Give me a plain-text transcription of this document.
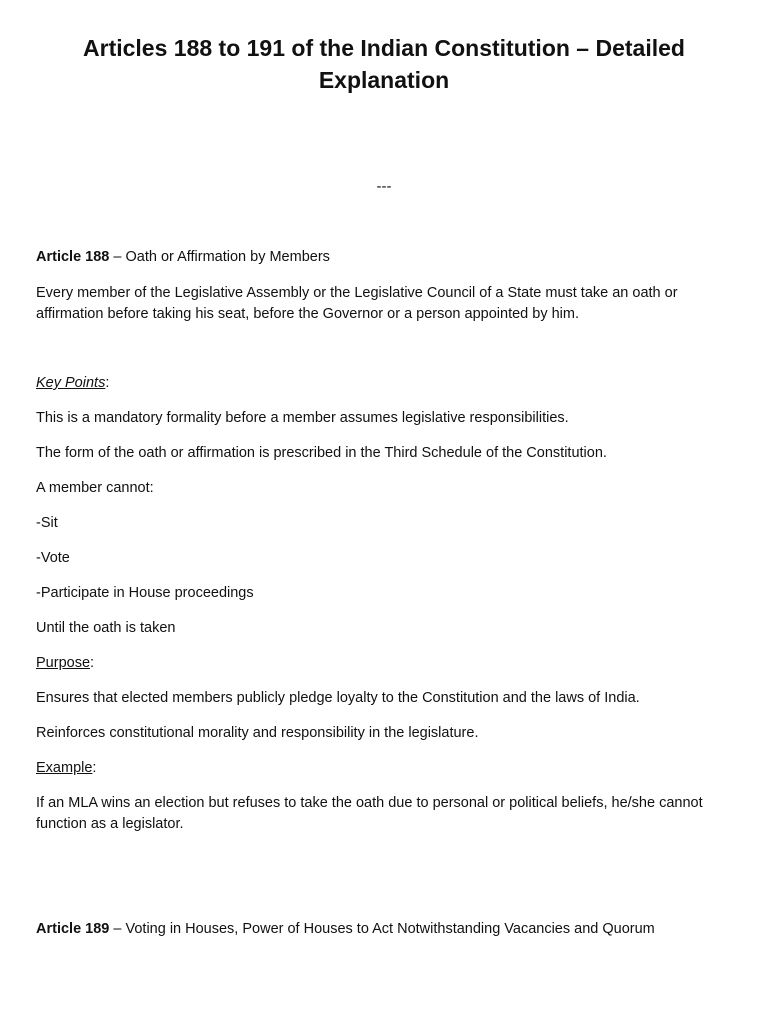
Articles 188 to 191 of the Indian Constitution – Detailed Explanation
---

Article 188 – Oath or Affirmation by Members

Every member of the Legislative Assembly or the Legislative Council of a State must take an oath or affirmation before taking his seat, before the Governor or a person appointed by him.

Key Points:

This is a mandatory formality before a member assumes legislative responsibilities.

The form of the oath or affirmation is prescribed in the Third Schedule of the Constitution.

A member cannot:

-Sit

-Vote

-Participate in House proceedings

Until the oath is taken

Purpose:

Ensures that elected members publicly pledge loyalty to the Constitution and the laws of India.

Reinforces constitutional morality and responsibility in the legislature.

Example:

If an MLA wins an election but refuses to take the oath due to personal or political beliefs, he/she cannot function as a legislator.

Article 189 – Voting in Houses, Power of Houses to Act Notwithstanding Vacancies and Quorum
